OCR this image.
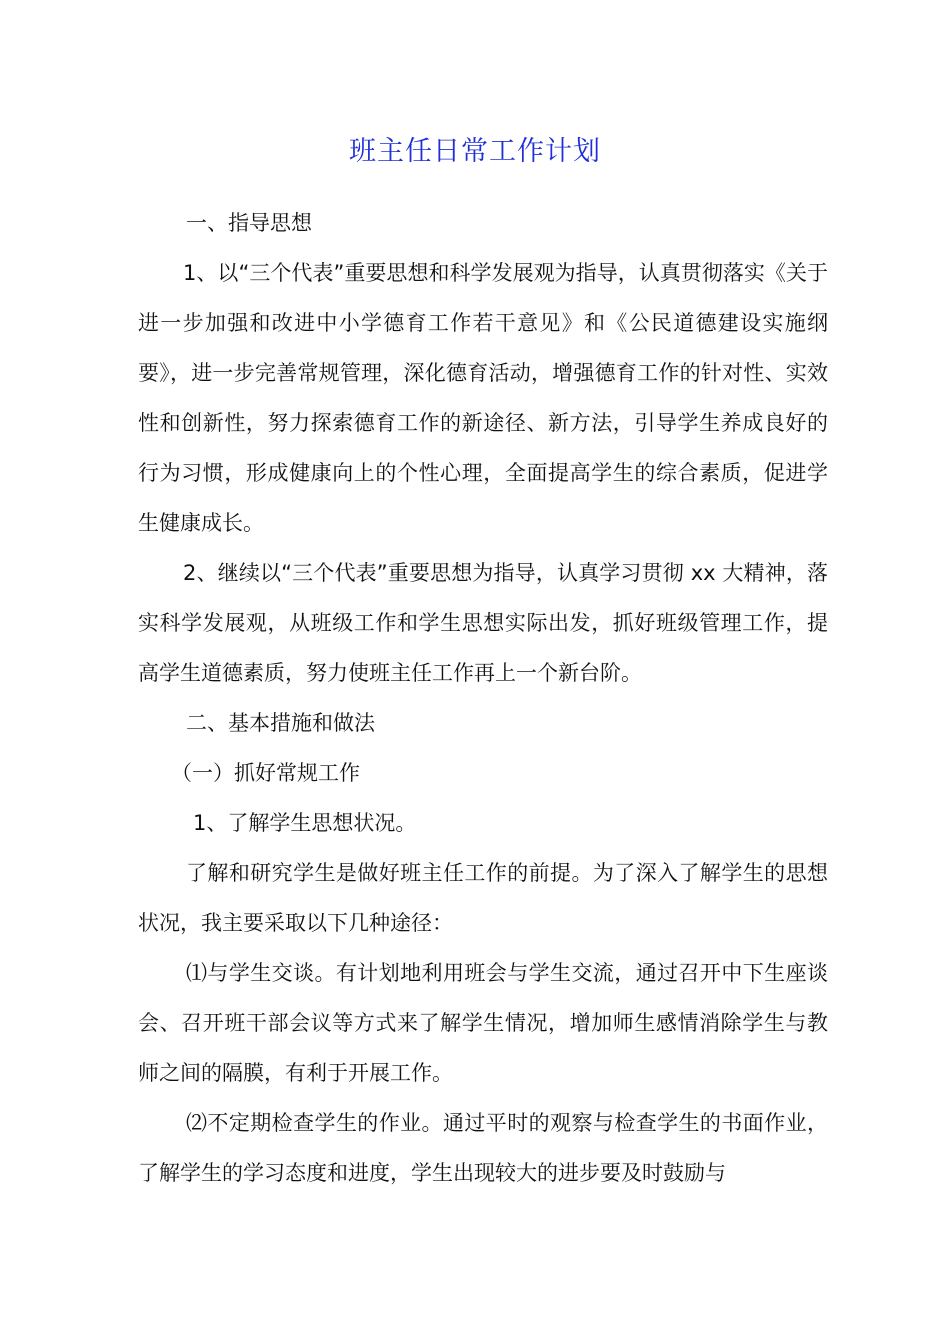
班主任日常工作计划

一、指导思想

1、以“三个代表”重要思想和科学发展观为指导，认真贯彻落实《关于进一步加强和改进中小学德育工作若干意见》和《公民道德建设实施纲要》，进一步完善常规管理，深化德育活动，增强德育工作的针对性、实效性和创新性，努力探索德育工作的新途径、新方法，引导学生养成良好的行为习惯，形成健康向上的个性心理，全面提高学生的综合素质，促进学生健康成长。

2、继续以“三个代表”重要思想为指导，认真学习贯彻 xx 大精神，落实科学发展观，从班级工作和学生思想实际出发，抓好班级管理工作，提高学生道德素质，努力使班主任工作再上一个新台阶。

二、基本措施和做法

（一）抓好常规工作

1、了解学生思想状况。

了解和研究学生是做好班主任工作的前提。为了深入了解学生的思想状况，我主要采取以下几种途径：

⑴与学生交谈。有计划地利用班会与学生交流，通过召开中下生座谈会、召开班干部会议等方式来了解学生情况，增加师生感情消除学生与教师之间的隔膜，有利于开展工作。

⑵不定期检查学生的作业。通过平时的观察与检查学生的书面作业，了解学生的学习态度和进度，学生出现较大的进步要及时鼓励与
